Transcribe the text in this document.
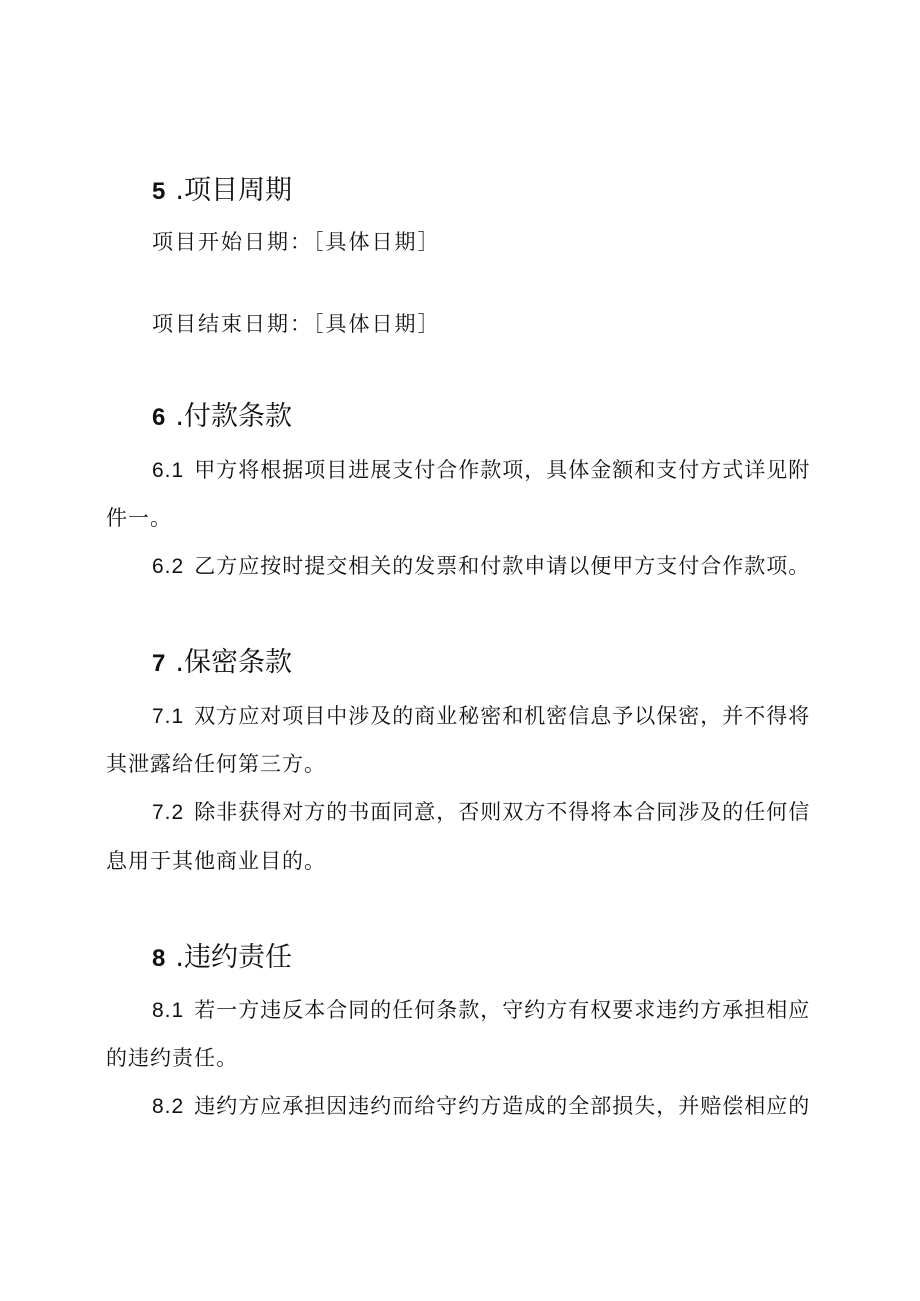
5 .项目周期
项目开始日期：［具体日期］
项目结束日期：［具体日期］
6 .付款条款
6.1 甲方将根据项目进展支付合作款项，具体金额和支付方式详见附
件一。
6.2 乙方应按时提交相关的发票和付款申请以便甲方支付合作款项。
7 .保密条款
7.1 双方应对项目中涉及的商业秘密和机密信息予以保密，并不得将
其泄露给任何第三方。
7.2 除非获得对方的书面同意，否则双方不得将本合同涉及的任何信
息用于其他商业目的。
8 .违约责任
8.1 若一方违反本合同的任何条款，守约方有权要求违约方承担相应
的违约责任。
8.2 违约方应承担因违约而给守约方造成的全部损失，并赔偿相应的
